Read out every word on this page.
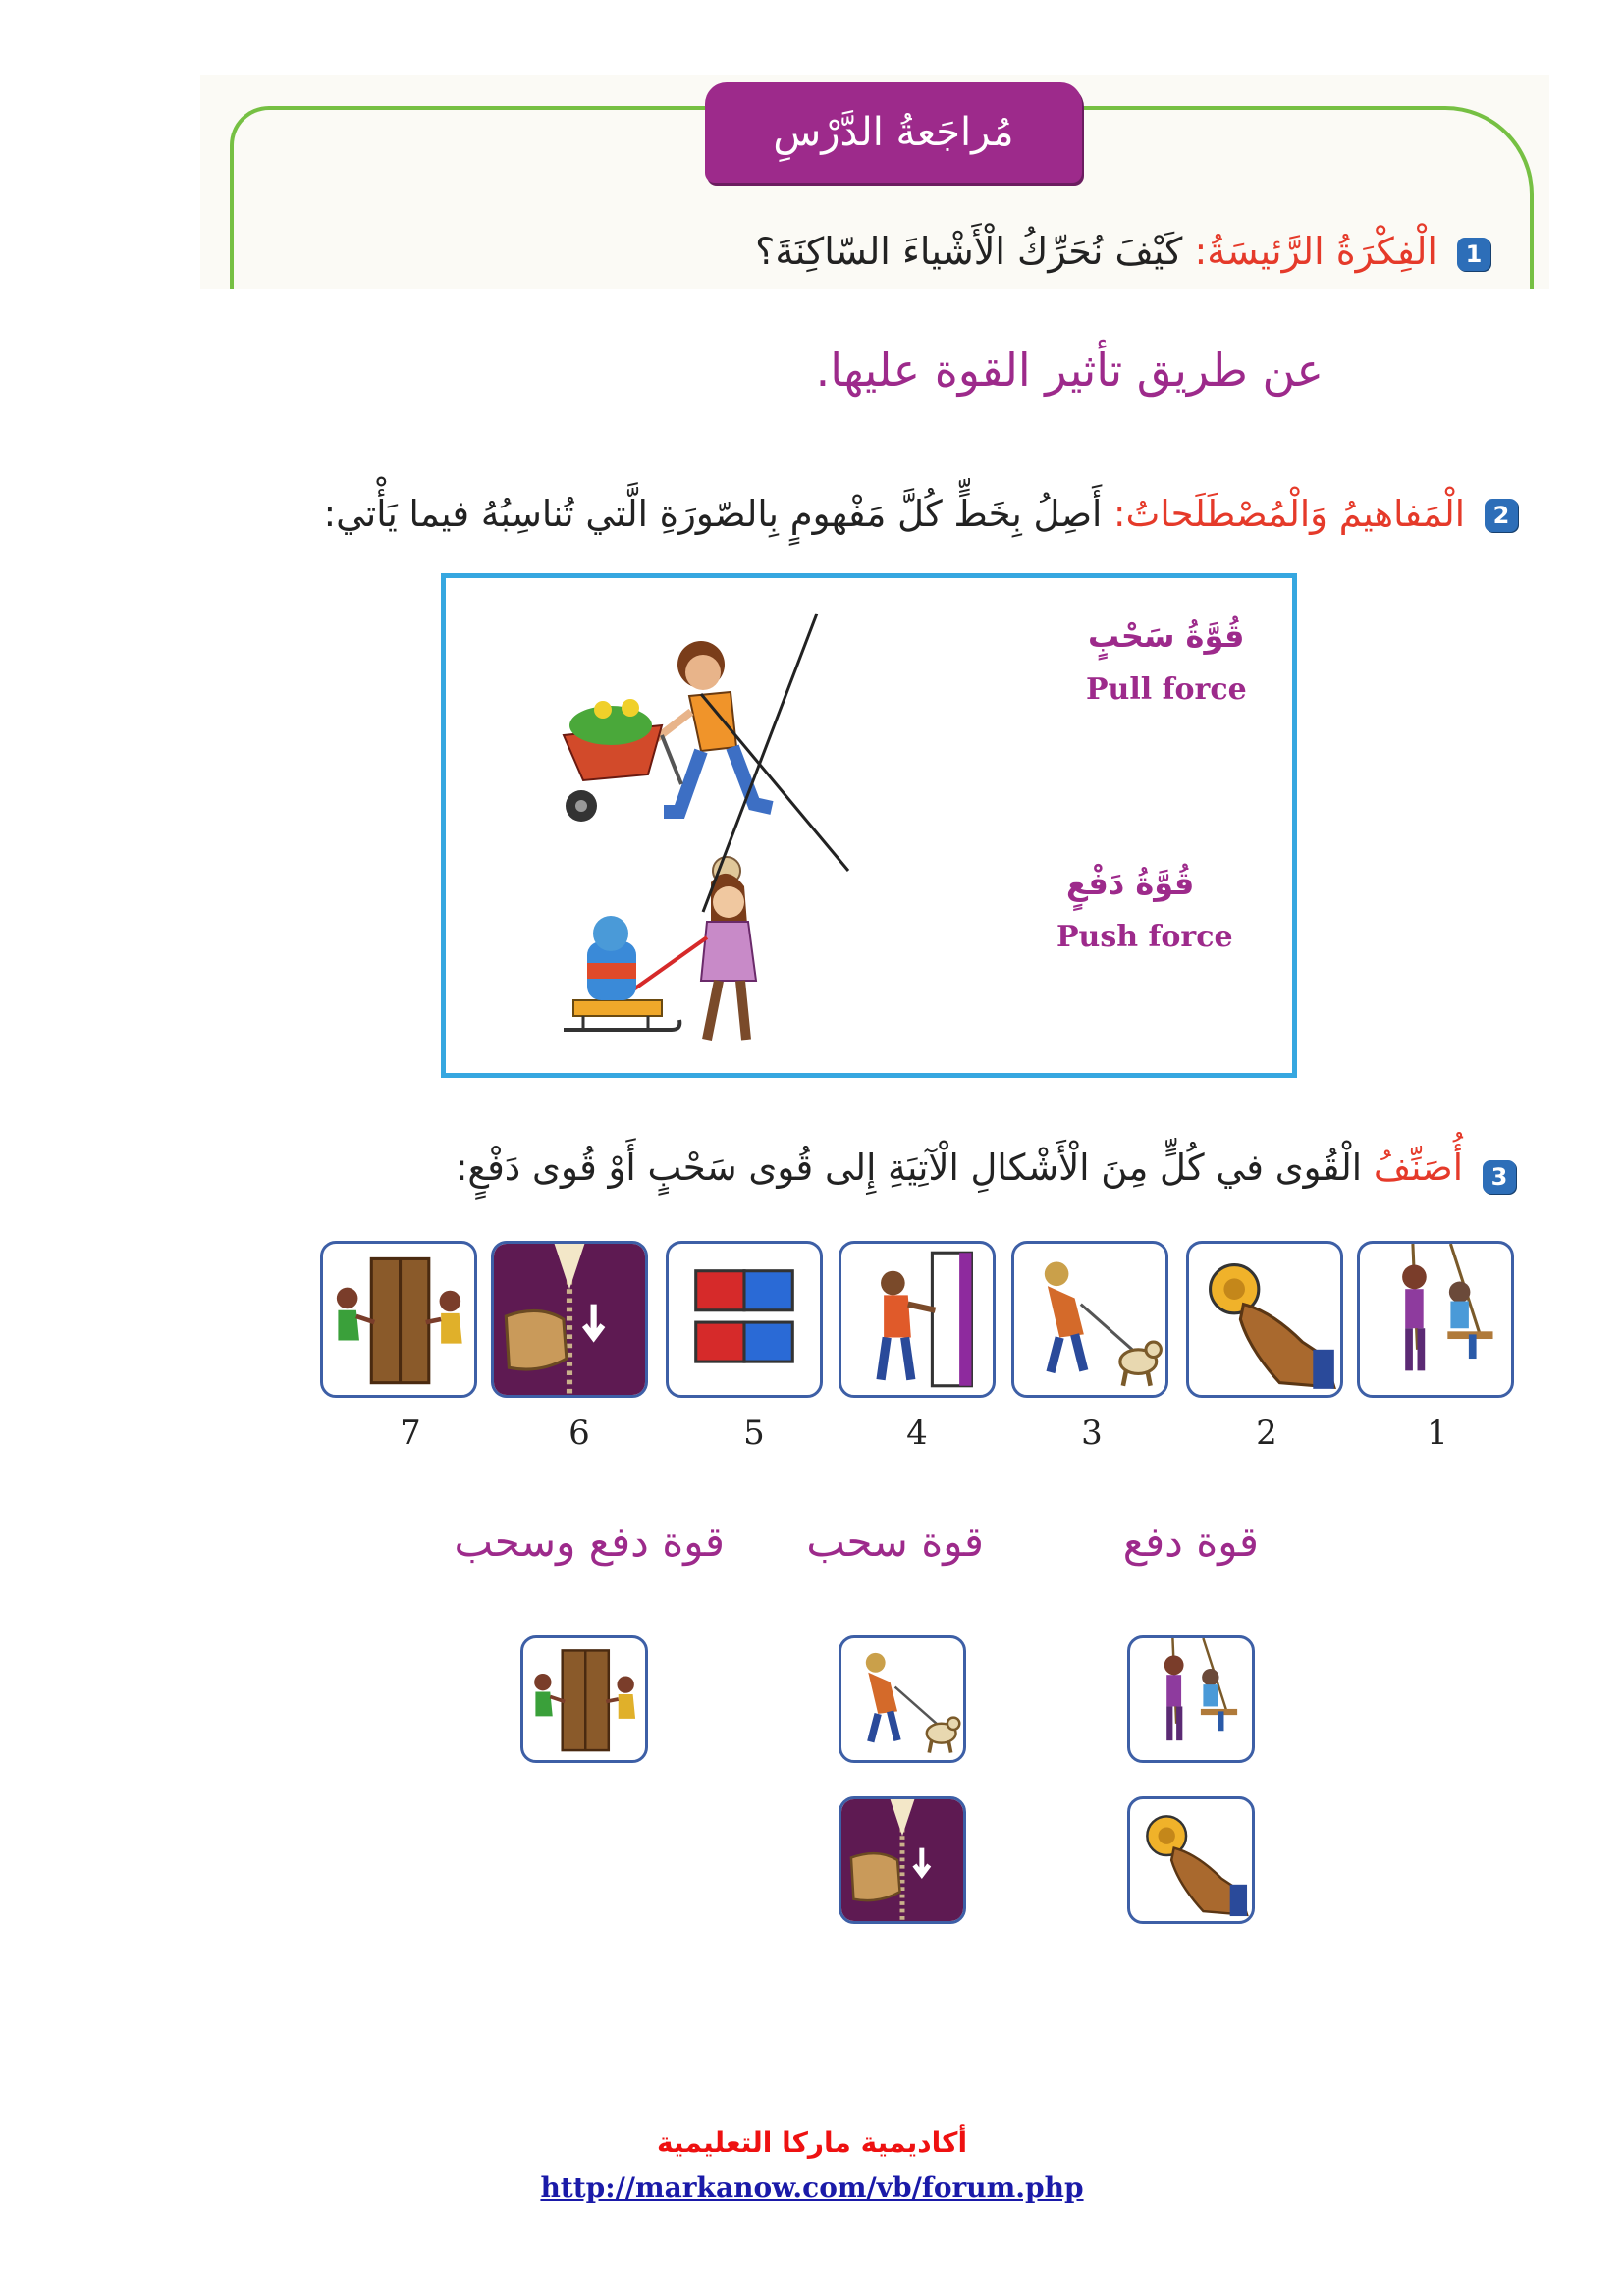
مُراجَعةُ الدَّرْسِ
1
الْفِكْرَةُ الرَّئيسَةُ: كَيْفَ نُحَرِّكُ الْأَشْياءَ السّاكِنَةَ؟
عن طريق تأثير القوة عليها.
2
الْمَفاهيمُ وَالْمُصْطَلَحاتُ: أَصِلُ بِخَطٍّ كُلَّ مَفْهومٍ بِالصّورَةِ الَّتي تُناسِبُهُ فيما يَأْتي:
قُوَّةُ سَحْبٍ
Pull force
قُوَّةُ دَفْعٍ
Push force
3
أُصَنِّفُ الْقُوى في كُلٍّ مِنَ الْأَشْكالِ الْآتِيَةِ إِلى قُوى سَحْبٍ أَوْ قُوى دَفْعٍ:
1
2
3
4
5
6
7
قوة دفع
قوة سحب
قوة دفع وسحب
أكاديمية ماركا التعليمية
http://markanow.com/vb/forum.php
